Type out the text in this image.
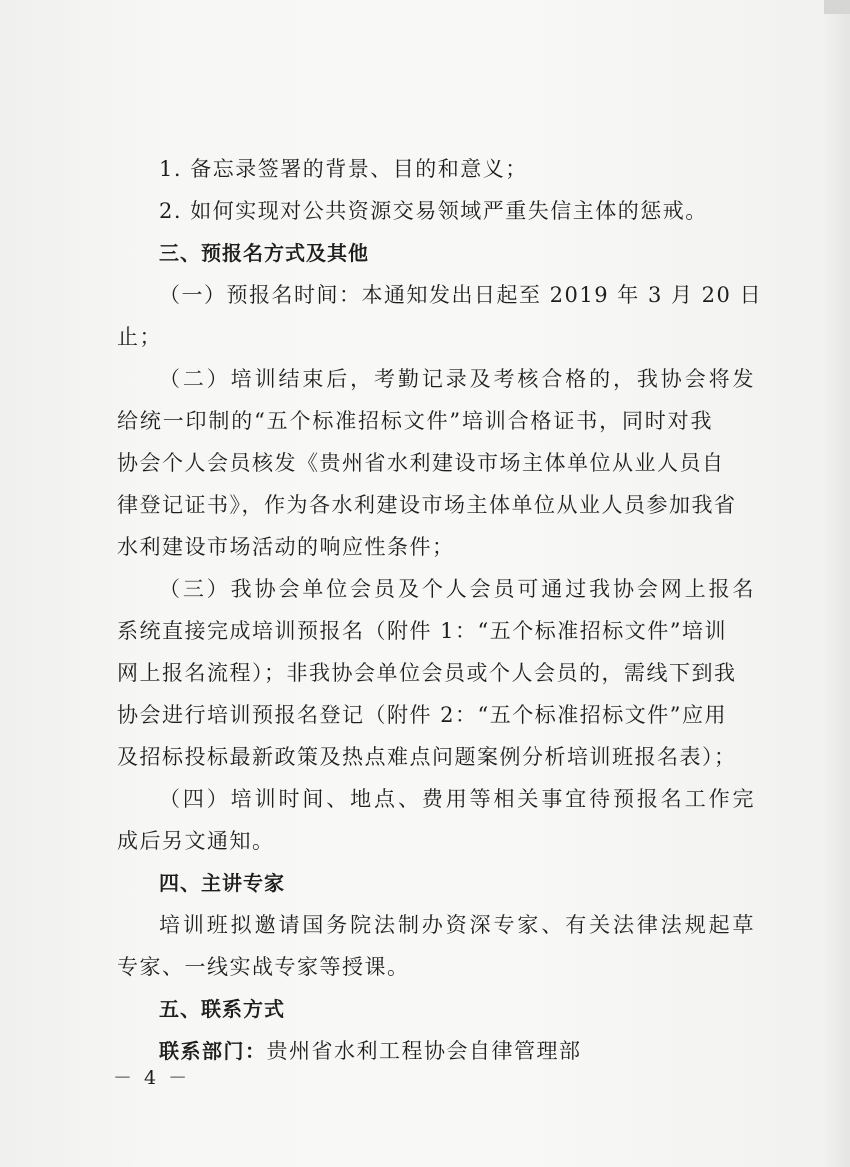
1. 备忘录签署的背景、目的和意义；
2. 如何实现对公共资源交易领域严重失信主体的惩戒。
三、预报名方式及其他
（一）预报名时间：本通知发出日起至 2019 年 3 月 20 日
止；
（二）培训结束后，考勤记录及考核合格的，我协会将发
给统一印制的“五个标准招标文件”培训合格证书，同时对我
协会个人会员核发《贵州省水利建设市场主体单位从业人员自
律登记证书》，作为各水利建设市场主体单位从业人员参加我省
水利建设市场活动的响应性条件；
（三）我协会单位会员及个人会员可通过我协会网上报名
系统直接完成培训预报名（附件 1：“五个标准招标文件”培训
网上报名流程）；非我协会单位会员或个人会员的，需线下到我
协会进行培训预报名登记（附件 2：“五个标准招标文件”应用
及招标投标最新政策及热点难点问题案例分析培训班报名表）；
（四）培训时间、地点、费用等相关事宜待预报名工作完
成后另文通知。
四、主讲专家
培训班拟邀请国务院法制办资深专家、有关法律法规起草
专家、一线实战专家等授课。
五、联系方式
联系部门：贵州省水利工程协会自律管理部
－ 4 －
